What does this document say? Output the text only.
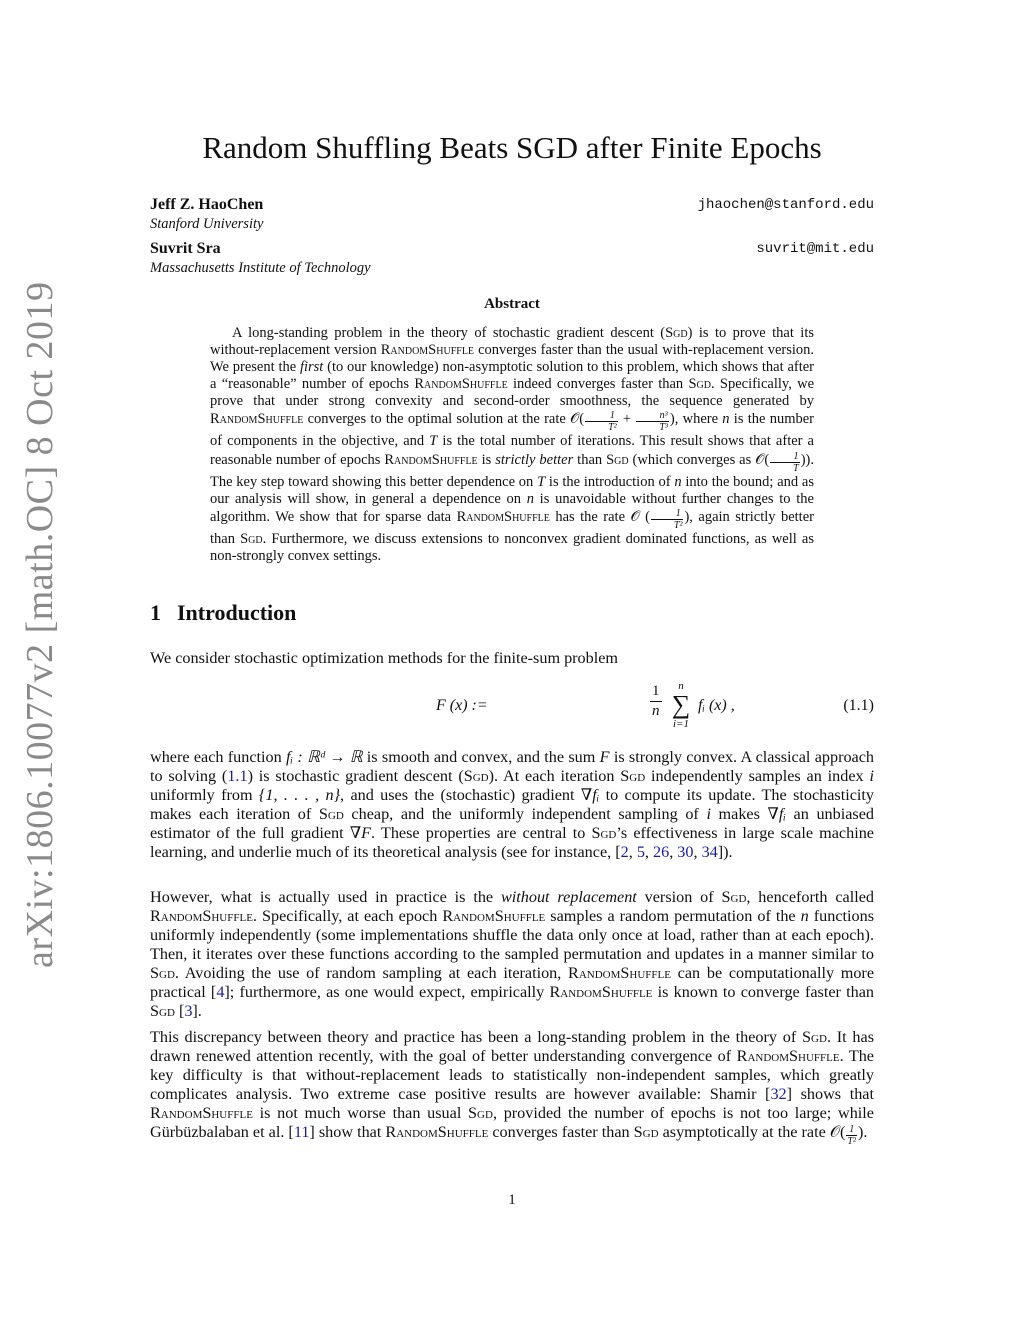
arXiv:1806.10077v2 [math.OC] 8 Oct 2019
Random Shuffling Beats SGD after Finite Epochs
Jeff Z. HaoChen
Stanford University
jhaochen@stanford.edu
Suvrit Sra
Massachusetts Institute of Technology
suvrit@mit.edu
Abstract

A long-standing problem in the theory of stochastic gradient descent (Sgd) is to prove that its without-replacement version RandomShuffle converges faster than the usual with-replacement version. We present the first (to our knowledge) non-asymptotic solution to this problem, which shows that after a “reasonable” number of epochs RandomShuffle indeed converges faster than Sgd. Specifically, we prove that under strong convexity and second-order smoothness, the sequence generated by RandomShuffle converges to the optimal solution at the rate 𝒪( $\frac{1}{\text{T²}} + \frac{\text{n³}}{\text{T³}}$ ), where n is the number of components in the objective, and T is the total number of iterations. This result shows that after a reasonable number of epochs RandomShuffle is strictly better than Sgd (which converges as 𝒪( $\frac{1}{T}$ )). The key step toward showing this better dependence on T is the introduction of n into the bound; and as our analysis will show, in general a dependence on n is unavoidable without further changes to the algorithm. We show that for sparse data RandomShuffle has the rate 𝒪 ( $\frac{1}{\text{T²}}$ ), again strictly better than Sgd. Furthermore, we discuss extensions to nonconvex gradient dominated functions, as well as non-strongly convex settings.

1 Introduction

We consider stochastic optimization methods for the finite-sum problem

F (x) :=
1
n
n
∑
i=1
fᵢ (x) ,	(1.1)

where each function fᵢ : ℝᵈ → ℝ is smooth and convex, and the sum F is strongly convex. A classical approach to solving (1.1) is stochastic gradient descent (Sgd). At each iteration Sgd independently samples an index i uniformly from {1, . . . , n}, and uses the (stochastic) gradient ∇fᵢ to compute its update. The stochasticity makes each iteration of Sgd cheap, and the uniformly independent sampling of i makes ∇fᵢ an unbiased estimator of the full gradient ∇F. These properties are central to Sgd’s effectiveness in large scale machine learning, and underlie much of its theoretical analysis (see for instance, [2, 5, 26, 30, 34]).

However, what is actually used in practice is the without replacement version of Sgd, henceforth called RandomShuffle. Specifically, at each epoch RandomShuffle samples a random permutation of the n functions uniformly independently (some implementations shuffle the data only once at load, rather than at each epoch). Then, it iterates over these functions according to the sampled permutation and updates in a manner similar to Sgd. Avoiding the use of random sampling at each iteration, RandomShuffle can be computationally more practical [4]; furthermore, as one would expect, empirically RandomShuffle is known to converge faster than Sgd [3].

This discrepancy between theory and practice has been a long-standing problem in the theory of Sgd. It has drawn renewed attention recently, with the goal of better understanding convergence of RandomShuffle. The key difficulty is that without-replacement leads to statistically non-independent samples, which greatly complicates analysis. Two extreme case positive results are however available: Shamir [32] shows that RandomShuffle is not much worse than usual Sgd, provided the number of epochs is not too large; while Gürbüzbalaban et al. [11] show that RandomShuffle converges faster than Sgd asymptotically at the rate 𝒪( $\frac{1}{\text{T²}}$ ).

1
